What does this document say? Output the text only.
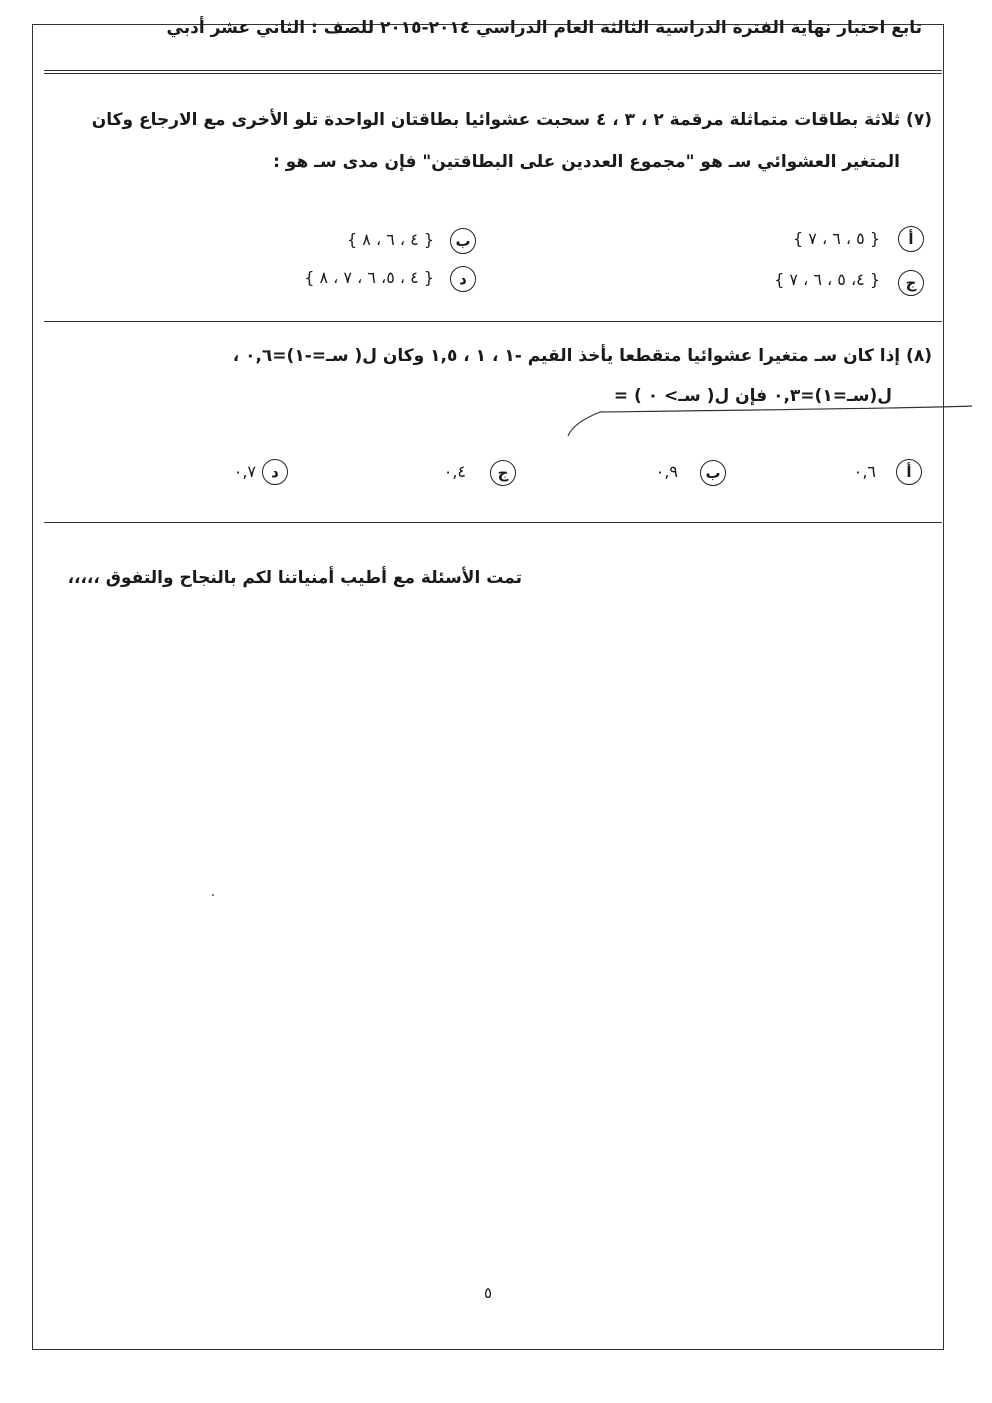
تابع اختبار نهاية الفترة الدراسية الثالثة العام الدراسي ٢٠١٤-٢٠١٥ للصف : الثاني عشر أدبي
(٧) ثلاثة بطاقات متماثلة مرقمة ٢ ، ٣ ، ٤ سحبت عشوائيا بطاقتان الواحدة تلو الأخرى مع الارجاع وكان
المتغير العشوائي سـ هو "مجموع العددين على البطاقتين" فإن مدى سـ هو :
أ
{ ٥ ، ٦ ، ٧ }
ب
{ ٤ ، ٦ ، ٨ }
ج
{ ٤، ٥ ، ٦ ، ٧ }
د
{ ٤ ، ٥، ٦ ، ٧ ، ٨ }
(٨) إذا كان سـ متغيرا عشوائيا متقطعا يأخذ القيم -١ ، ١ ، ١,٥ وكان ل( سـ=-١)=٠,٦ ،
ل(سـ=١)=٠,٣ فإن ل( سـ> ٠ ) =
أ
٠,٦
ب
٠,٩
ج
٠,٤
د
٠,٧
تمت الأسئلة مع أطيب أمنياتنا لكم بالنجاح والتفوق ،،،،،
٥
